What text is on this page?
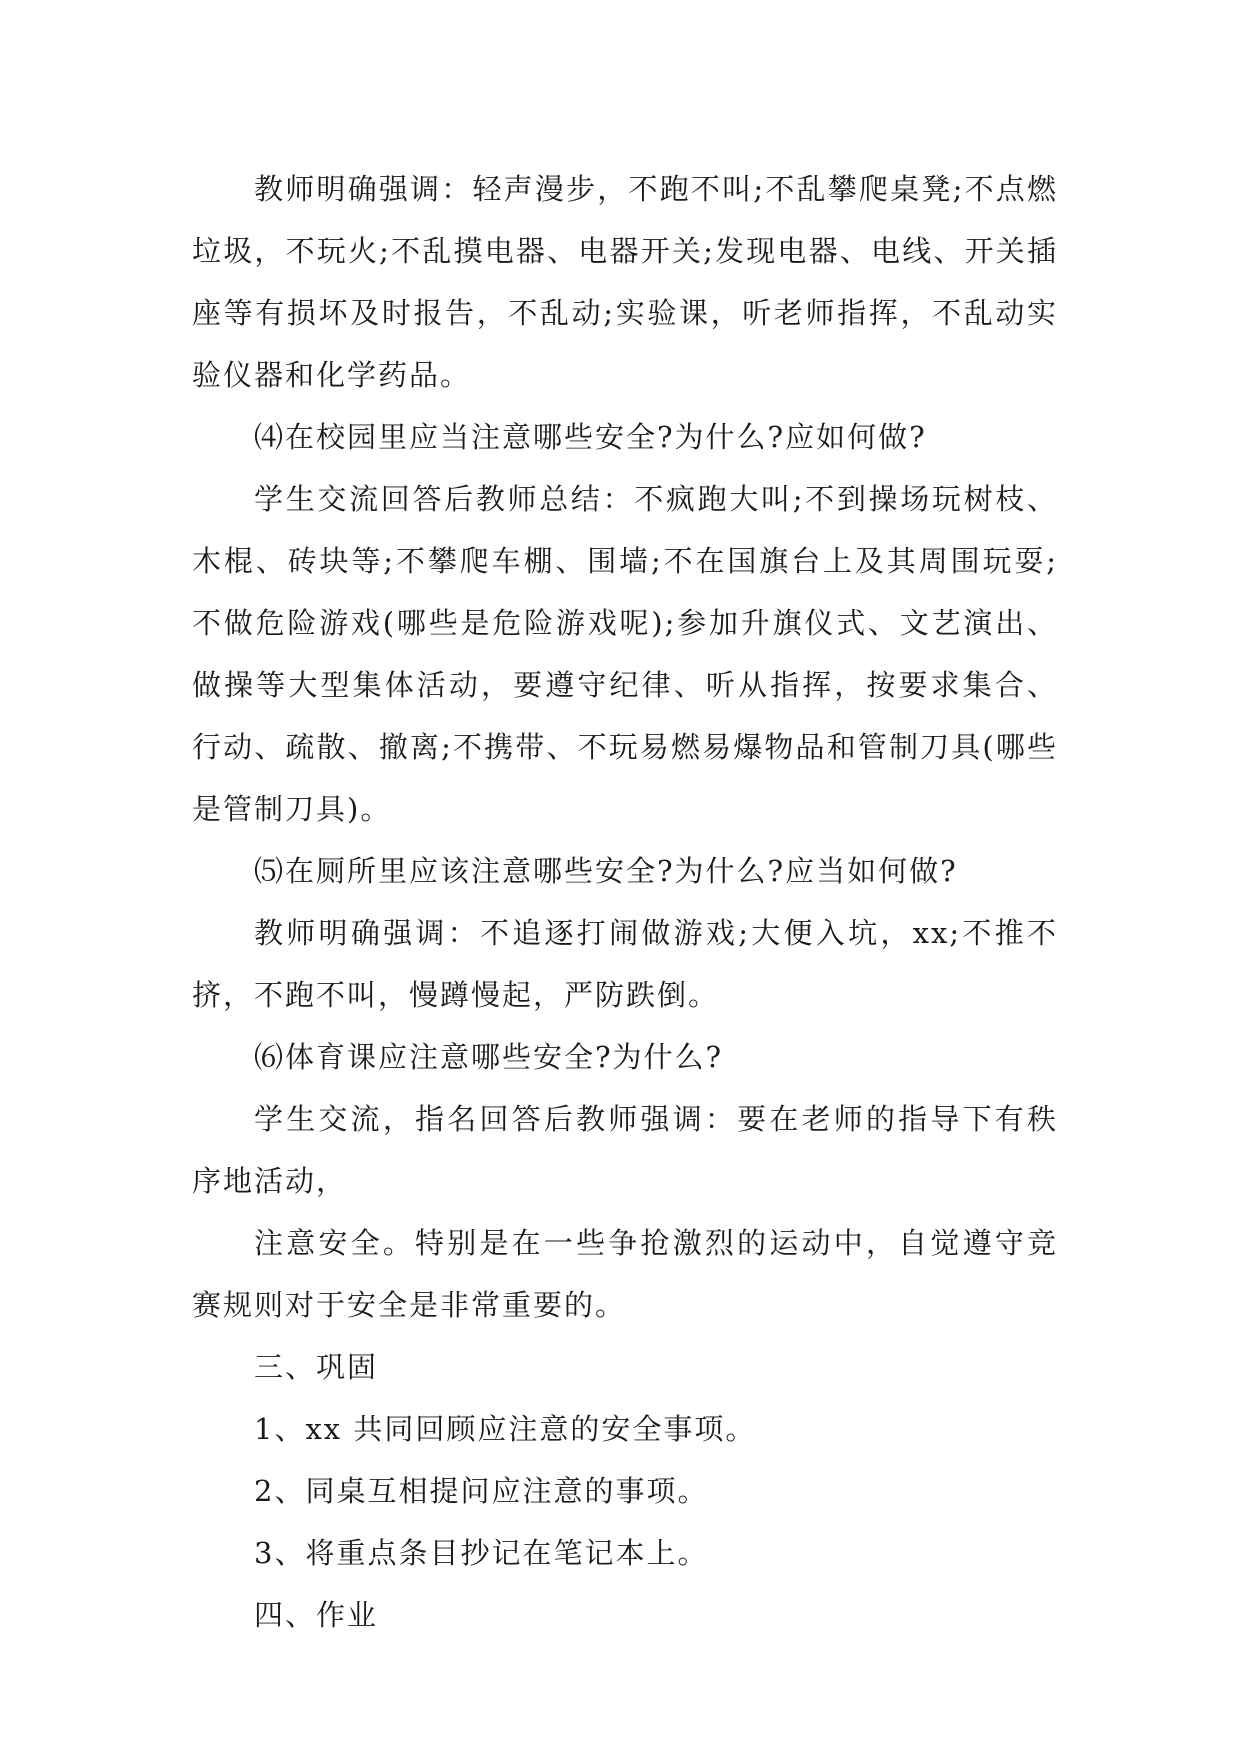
教师明确强调：轻声漫步，不跑不叫;不乱攀爬桌凳;不点燃垃圾，不玩火;不乱摸电器、电器开关;发现电器、电线、开关插座等有损坏及时报告，不乱动;实验课，听老师指挥，不乱动实验仪器和化学药品。

⑷在校园里应当注意哪些安全?为什么?应如何做?

学生交流回答后教师总结：不疯跑大叫;不到操场玩树枝、木棍、砖块等;不攀爬车棚、围墙;不在国旗台上及其周围玩耍;不做危险游戏(哪些是危险游戏呢);参加升旗仪式、文艺演出、做操等大型集体活动，要遵守纪律、听从指挥，按要求集合、行动、疏散、撤离;不携带、不玩易燃易爆物品和管制刀具(哪些是管制刀具)。

⑸在厕所里应该注意哪些安全?为什么?应当如何做?

教师明确强调：不追逐打闹做游戏;大便入坑，xx;不推不挤，不跑不叫，慢蹲慢起，严防跌倒。

⑹体育课应注意哪些安全?为什么?

学生交流，指名回答后教师强调：要在老师的指导下有秩序地活动，

注意安全。特别是在一些争抢激烈的运动中，自觉遵守竞赛规则对于安全是非常重要的。

三、巩固

1、xx 共同回顾应注意的安全事项。

2、同桌互相提问应注意的事项。

3、将重点条目抄记在笔记本上。

四、作业
